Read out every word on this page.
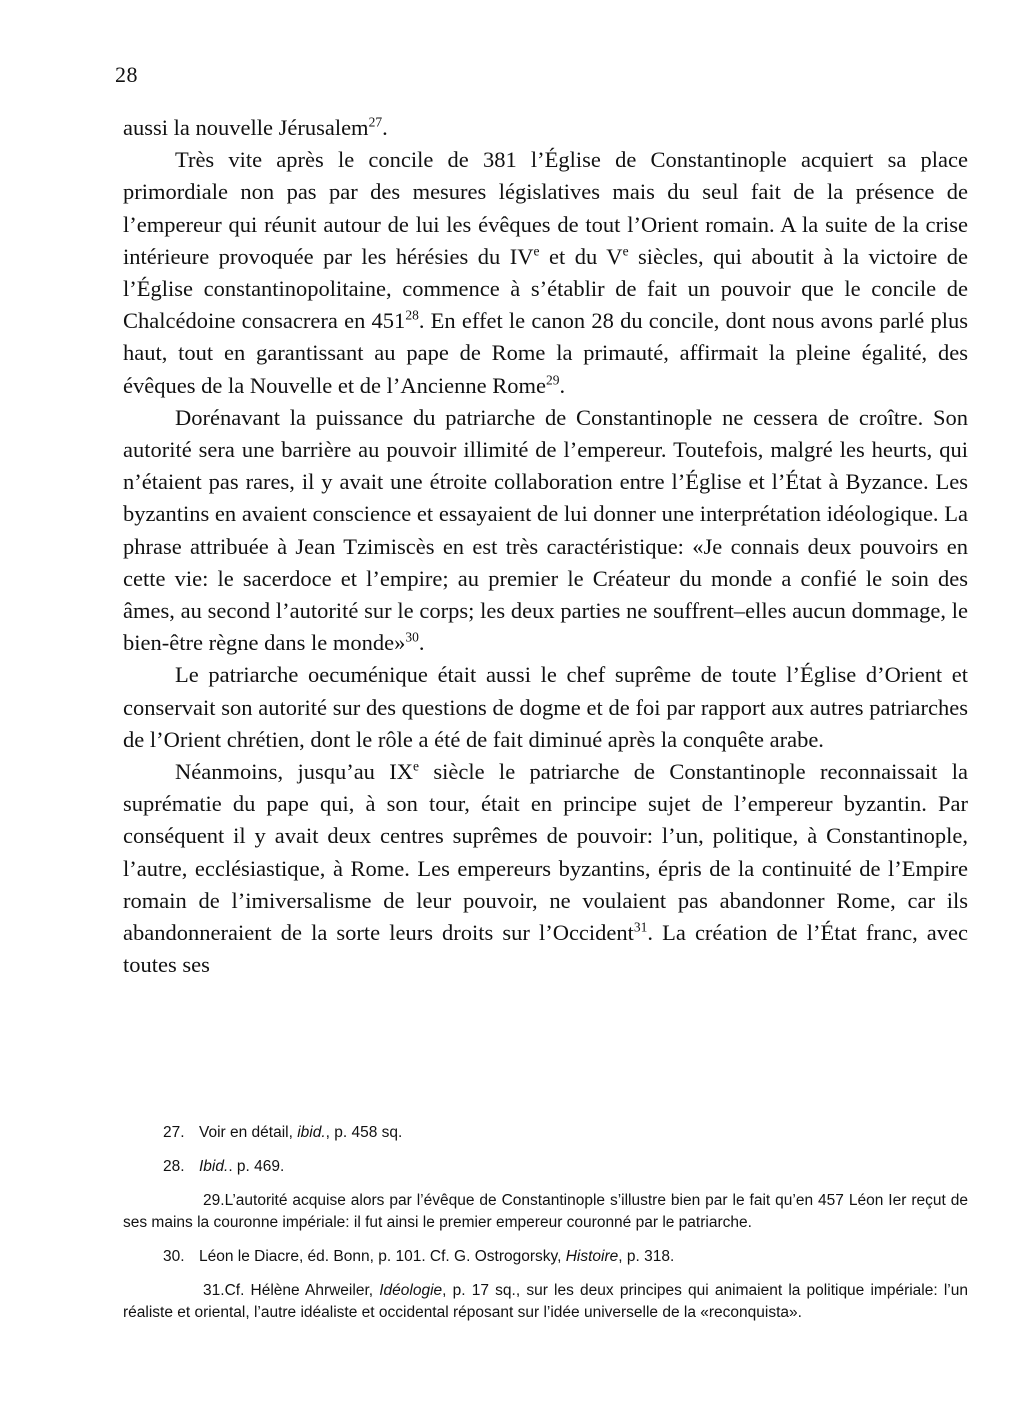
28

aussi la nouvelle Jérusalem$^{27}$.

Très vite après le concile de 381 l’Église de Constantinople acquiert sa place primordiale non pas par des mesures législatives mais du seul fait de la présence de l’empereur qui réunit autour de lui les évêques de tout l’Orient romain. A la suite de la crise intérieure provoquée par les hérésies du IVe et du Ve siècles, qui aboutit à la victoire de l’Église constantinopolitaine, commence à s’établir de fait un pouvoir que le concile de Chalcédoine consacrera en $451^{28}$. En effet le canon 28 du concile, dont nous avons parlé plus haut, tout en garantissant au pape de Rome la primauté, affirmait la pleine égalité, des évêques de la Nouvelle et de l’Ancienne Rome$^{29}$.

Dorénavant la puissance du patriarche de Constantinople ne cessera de croître. Son autorité sera une barrière au pouvoir illimité de l’empereur. Toutefois, malgré les heurts, qui n’étaient pas rares, il y avait une étroite collaboration entre l’Église et l’État à Byzance. Les byzantins en avaient conscience et essayaient de lui donner une interprétation idéologique. La phrase attribuée à Jean Tzimiscès en est très caractéristique: «Je connais deux pouvoirs en cette vie: le sacerdoce et l’empire; au premier le Créateur du monde a confié le soin des âmes, au second l’autorité sur le corps; les deux parties ne souffrent–elles aucun dommage, le bien-être règne dans le monde»$^{30}$.

Le patriarche oecuménique était aussi le chef suprême de toute l’Église d’Orient et conservait son autorité sur des questions de dogme et de foi par rapport aux autres patriarches de l’Orient chrétien, dont le rôle a été de fait diminué après la conquête arabe.

Néanmoins, jusqu’au IXe siècle le patriarche de Constantinople reconnaissait la suprématie du pape qui, à son tour, était en principe sujet de l’empereur byzantin. Par conséquent il y avait deux centres suprêmes de pouvoir: l’un, politique, à Constantinople, l’autre, ecclésiastique, à Rome. Les empereurs byzantins, épris de la continuité de l’Empire romain de l’imiversalisme de leur pouvoir, ne voulaient pas abandonner Rome, car ils abandonneraient de la sorte leurs droits sur l’Occident$^{31}$. La création de l’État franc, avec toutes ses

27. Voir en détail, ibid., p. 458 sq.
28. Ibid.. p. 469.
29.L’autorité acquise alors par l’évêque de Constantinople s’illustre bien par le fait qu’en 457 Léon Ier reçut de ses mains la couronne impériale: il fut ainsi le premier empereur couronné par le patriarche.
30. Léon le Diacre, éd. Bonn, p. 101. Cf. G. Ostrogorsky, Histoire, p. 318.
31.Cf. Hélène Ahrweiler, Idéologie, p. 17 sq., sur les deux principes qui animaient la politique impériale: l’un réaliste et oriental, l’autre idéaliste et occidental réposant sur l’idée universelle de la «reconquista».
